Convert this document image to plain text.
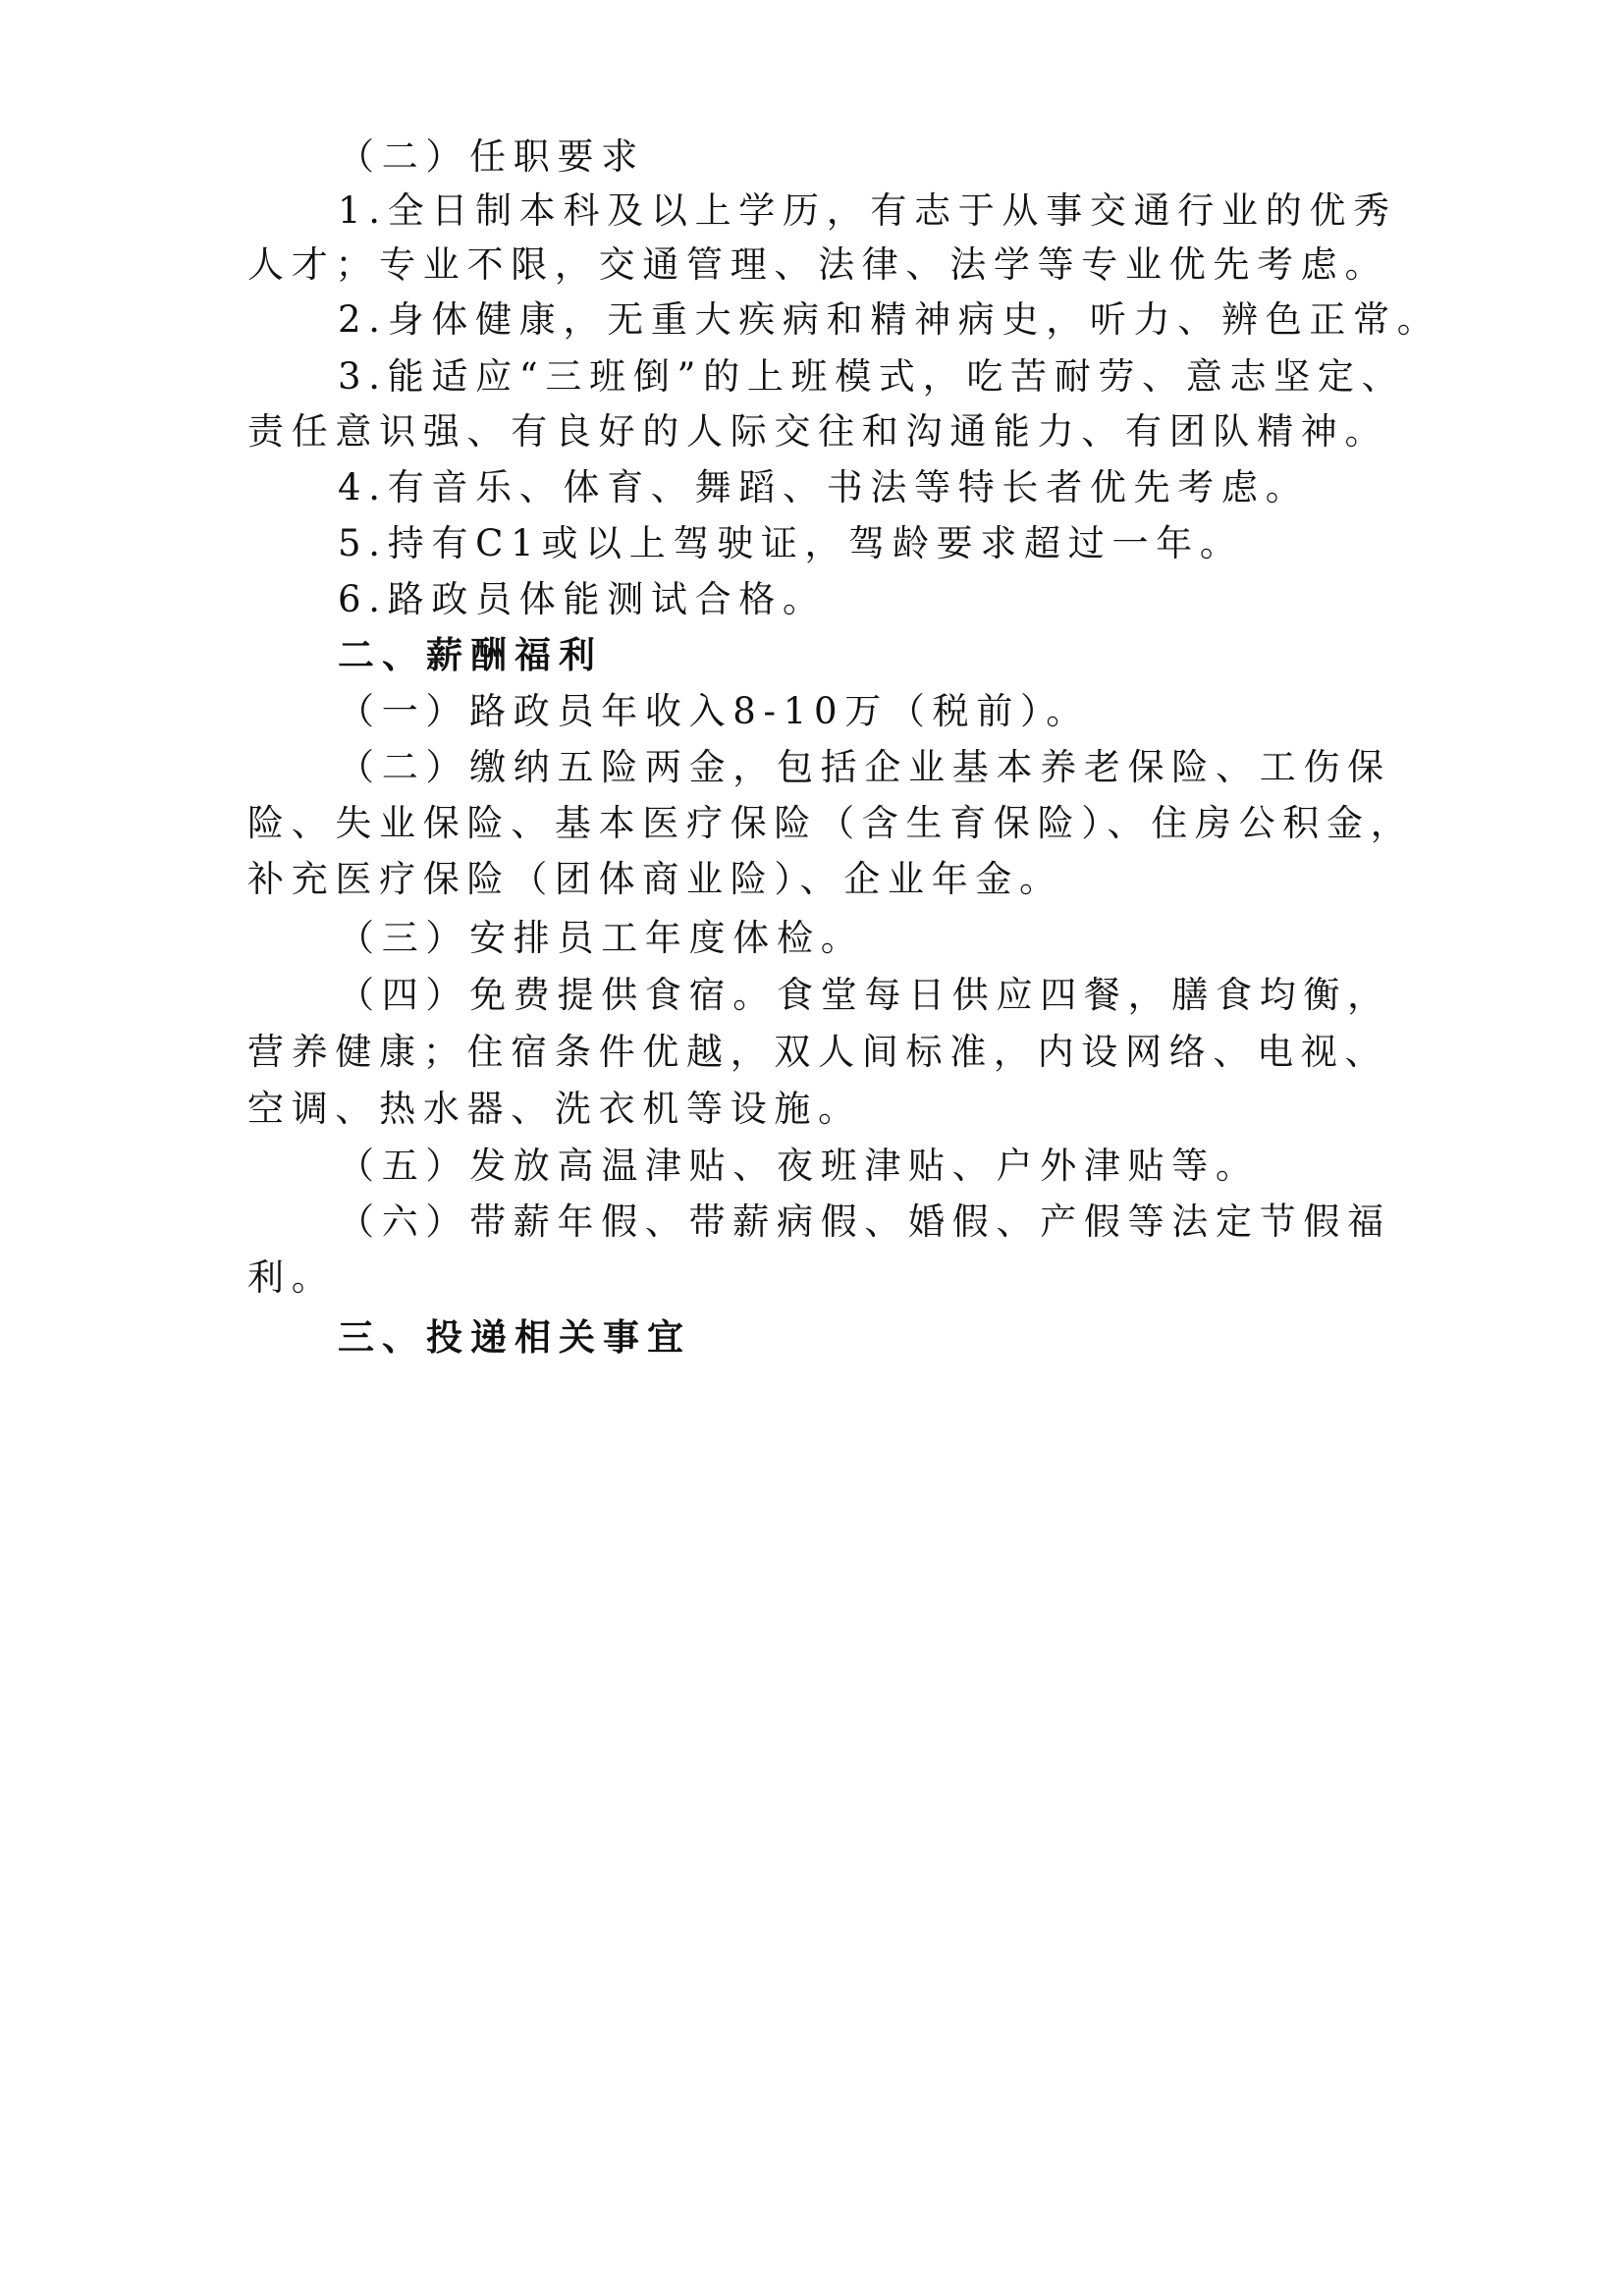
（二）任职要求
1.全日制本科及以上学历，有志于从事交通行业的优秀
人才；专业不限，交通管理、法律、法学等专业优先考虑。
2.身体健康，无重大疾病和精神病史，听力、辨色正常。
3.能适应“三班倒”的上班模式，吃苦耐劳、意志坚定、
责任意识强、有良好的人际交往和沟通能力、有团队精神。
4.有音乐、体育、舞蹈、书法等特长者优先考虑。
5.持有C1或以上驾驶证，驾龄要求超过一年。
6.路政员体能测试合格。
二、薪酬福利
（一）路政员年收入8-10万（税前）。
（二）缴纳五险两金，包括企业基本养老保险、工伤保
险、失业保险、基本医疗保险（含生育保险）、住房公积金，
补充医疗保险（团体商业险）、企业年金。
（三）安排员工年度体检。
（四）免费提供食宿。食堂每日供应四餐，膳食均衡，
营养健康；住宿条件优越，双人间标准，内设网络、电视、
空调、热水器、洗衣机等设施。
（五）发放高温津贴、夜班津贴、户外津贴等。
（六）带薪年假、带薪病假、婚假、产假等法定节假福
利。
三、投递相关事宜
